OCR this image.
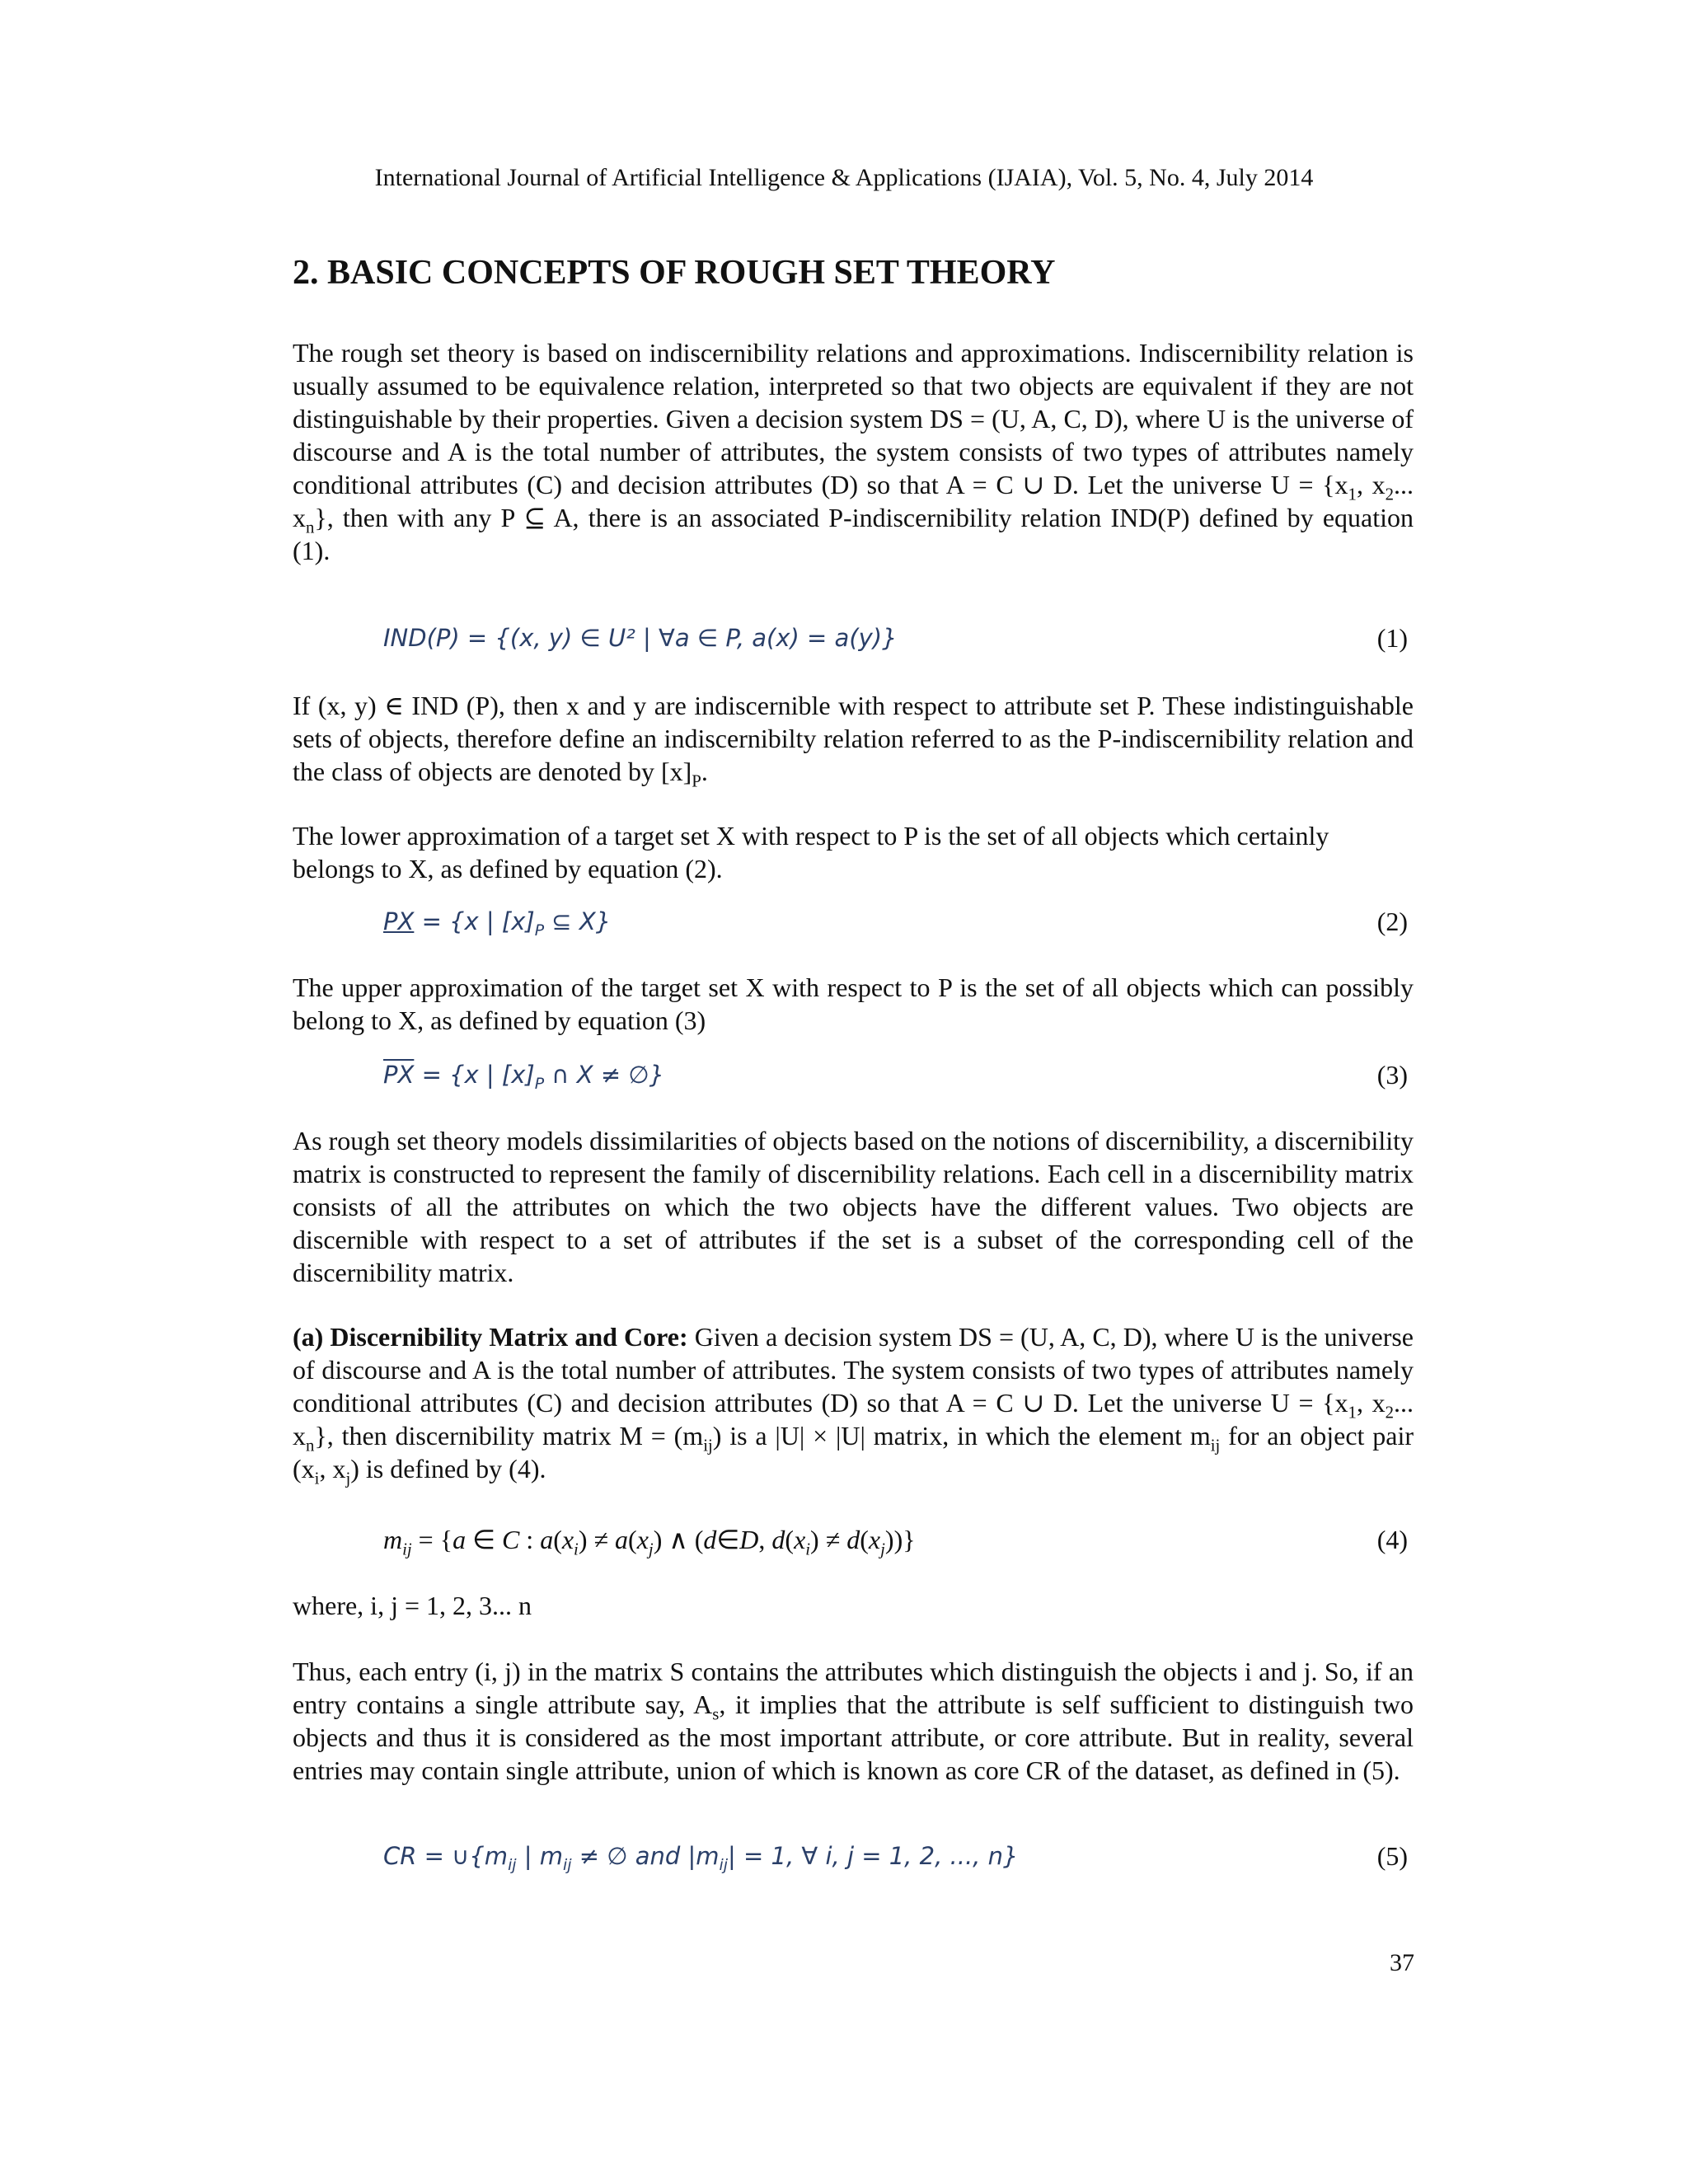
International Journal of Artificial Intelligence & Applications (IJAIA), Vol. 5, No. 4, July 2014
2. BASIC CONCEPTS OF ROUGH SET THEORY
The rough set theory is based on indiscernibility relations and approximations. Indiscernibility relation is usually assumed to be equivalence relation, interpreted so that two objects are equivalent if they are not distinguishable by their properties. Given a decision system DS = (U, A, C, D), where U is the universe of discourse and A is the total number of attributes, the system consists of two types of attributes namely conditional attributes (C) and decision attributes (D) so that A = C ∪ D. Let the universe $U = \{x_1$, $x_2$... $x_n$}, then with any P ⊆ A, there is an associated P-indiscernibility relation IND(P) defined by equation (1).
IND(P) = {(x, y) ∈ U² | ∀a ∈ P, a(x) = a(y)}	(1)
If (x, y) ∈ IND (P), then x and y are indiscernible with respect to attribute set P. These indistinguishable sets of objects, therefore define an indiscernibilty relation referred to as the P-indiscernibility relation and the class of objects are denoted by $[x]_P$.
The lower approximation of a target set X with respect to P is the set of all objects which certainly belongs to X, as defined by equation (2).
PX = {x | $[x]_P$ ⊆ X}	(2)
The upper approximation of the target set X with respect to P is the set of all objects which can possibly belong to X, as defined by equation (3)
$\overline{PX} = \{x$ | $[x]_P$ ∩ X ≠ ∅}	(3)
As rough set theory models dissimilarities of objects based on the notions of discernibility, a discernibility matrix is constructed to represent the family of discernibility relations. Each cell in a discernibility matrix consists of all the attributes on which the two objects have the different values. Two objects are discernible with respect to a set of attributes if the set is a subset of the corresponding cell of the discernibility matrix.
(a) Discernibility Matrix and Core: Given a decision system DS = (U, A, C, D), where U is the universe of discourse and A is the total number of attributes. The system consists of two types of attributes namely conditional attributes (C) and decision attributes (D) so that A = C ∪ D. Let the universe $U = \{x_1$, $x_2$... $x_n$}, then discernibility matrix $M = (m_{ij})$ is a |U| × |U| matrix, in which the element $m_{ij}$ for an object pair ($x_i$, $x_j$) is defined by (4).
$m_{ij} = \{a$ ∈ C : $a(x_i) \ne a(x_j)$ ∧ (d∈D, $d(x_i) \ne d(x_j)$)}	(4)
where, i, j = 1, 2, 3... n
Thus, each entry (i, j) in the matrix S contains the attributes which distinguish the objects i and j. So, if an entry contains a single attribute say, $A_s$, it implies that the attribute is self sufficient to distinguish two objects and thus it is considered as the most important attribute, or core attribute. But in reality, several entries may contain single attribute, union of which is known as core CR of the dataset, as defined in (5).
CR = $\cup\{m_{ij}$ | $m_{ij}$ ≠ ∅ and $|m_{ij}| = 1$, ∀ i, j = 1, 2, ..., n}	(5)
37
